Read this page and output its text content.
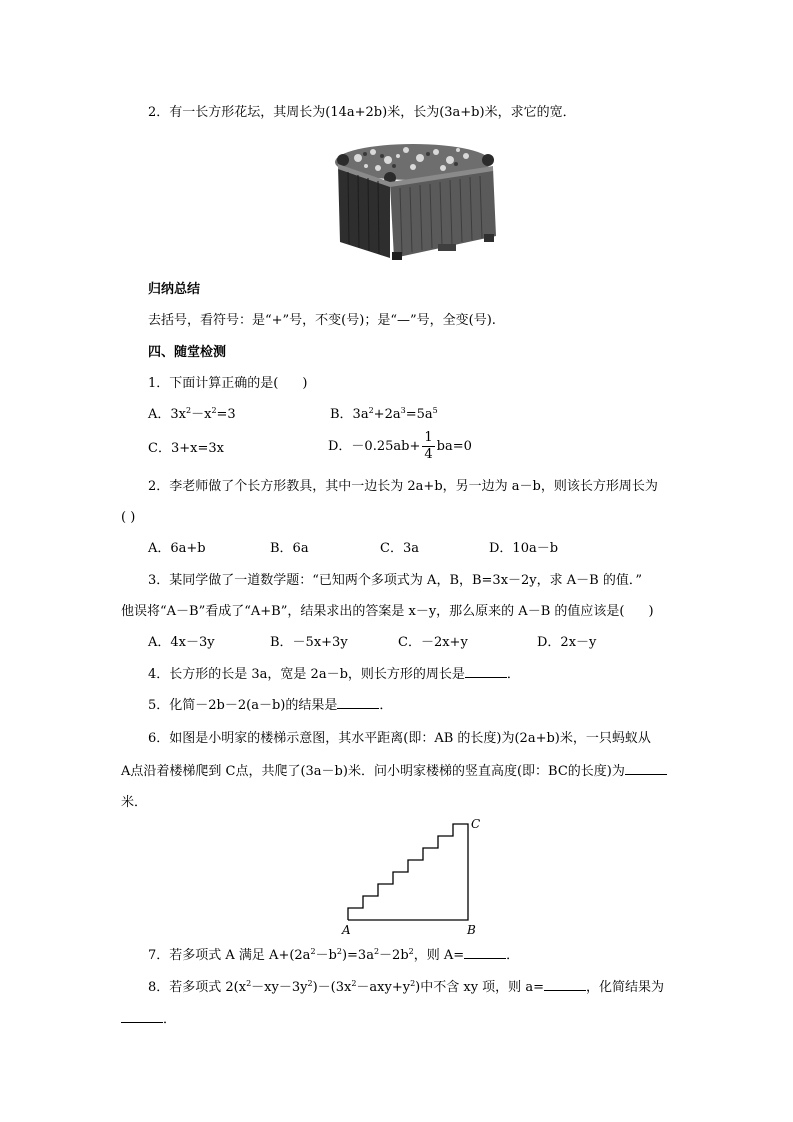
2．有一长方形花坛，其周长为(14a+2b)米，长为(3a+b)米，求它的宽．
归纳总结
去括号，看符号：是“+”号，不变(号)；是“—”号，全变(号).
四、随堂检测
1．下面计算正确的是( )
A．$3x^2-x^2=3$	B．$3a^2+2a^3=5a^5$
C．3+x=3x	D．$-0.25ab+ \frac{1}{4} ba=0$
2．李老师做了个长方形教具，其中一边长为 2a+b，另一边为 a－b，则该长方形周长为
( )
A．6a+b	B．6a	C．3a	D．10a－b
3．某同学做了一道数学题：“已知两个多项式为 A，B，B=3x－2y，求 A－B 的值．”
他误将“A－B”看成了“A+B”，结果求出的答案是 x－y，那么原来的 A－B 的值应该是( )
A．4x－3y	B．－5x+3y	C．－2x+y	D．2x－y
4．长方形的长是 3a，宽是 2a－b，则长方形的周长是	．
5．化简－2b－2(a－b)的结果是	．
6．如图是小明家的楼梯示意图，其水平距离(即：AB 的长度)为(2a+b)米，一只蚂蚁从
A点沿着楼梯爬到 C点，共爬了(3a－b)米．问小明家楼梯的竖直高度(即：BC的长度)为
米．
A	B
C
7．若多项式 A 满足 $A+(2a^2-b^2)=3a^2-2b^2$，则 A=	．
8．若多项式 $2(x^2-xy-3y^2)-(3x^2-axy+y^2)$中不含 xy 项，则 a=	，化简结果为
．
